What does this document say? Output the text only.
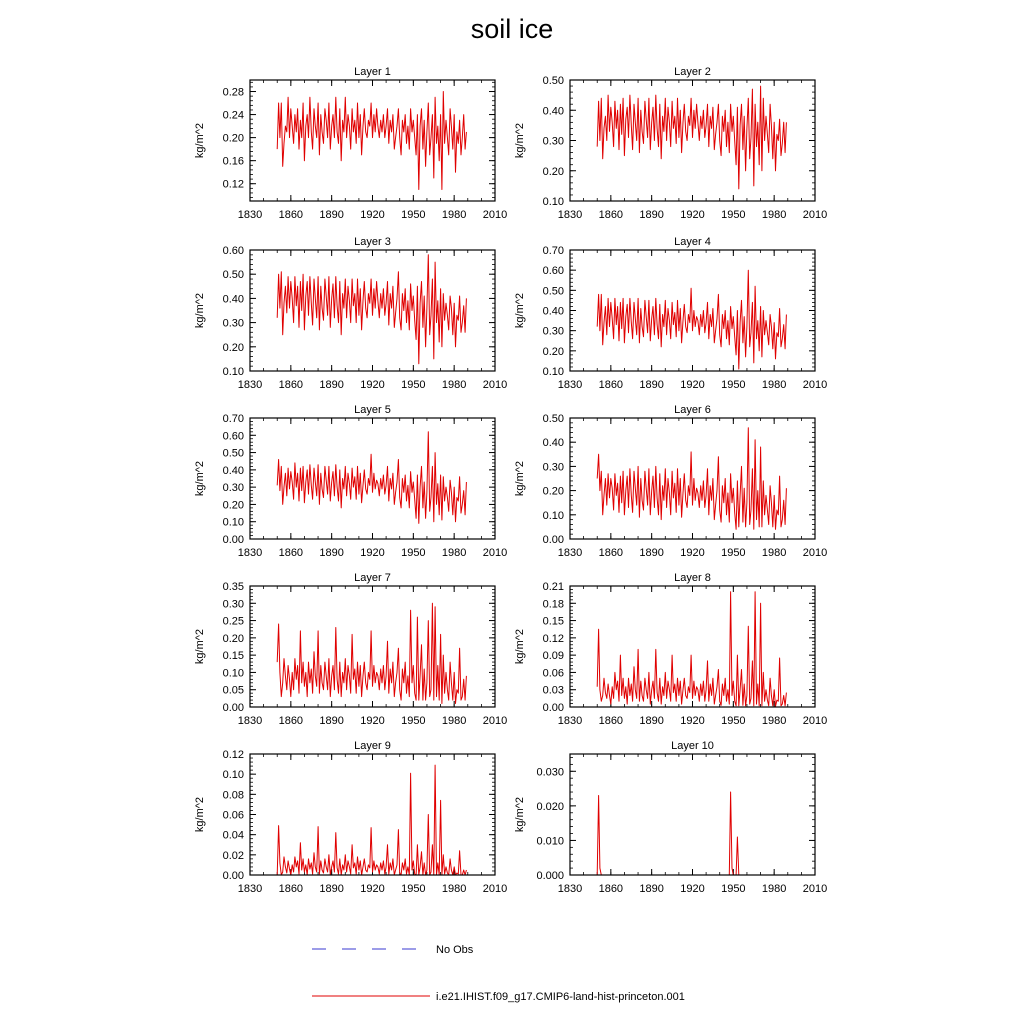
soil ice
Layer 1
kg/m^2
1830 1860 1890 1920 1950 1980 2010
0.12
0.16
0.20
0.24
0.28
Layer 2
kg/m^2
1830 1860 1890 1920 1950 1980 2010
0.10
0.20
0.30
0.40
0.50
Layer 3
kg/m^2
1830 1860 1890 1920 1950 1980 2010
0.10
0.20
0.30
0.40
0.50
0.60
Layer 4
kg/m^2
1830 1860 1890 1920 1950 1980 2010
0.10
0.20
0.30
0.40
0.50
0.60
0.70
Layer 5
kg/m^2
1830 1860 1890 1920 1950 1980 2010
0.00
0.10
0.20
0.30
0.40
0.50
0.60
0.70
Layer 6
kg/m^2
1830 1860 1890 1920 1950 1980 2010
0.00
0.10
0.20
0.30
0.40
0.50
Layer 7
kg/m^2
1830 1860 1890 1920 1950 1980 2010
0.00
0.05
0.10
0.15
0.20
0.25
0.30
0.35
Layer 8
kg/m^2
1830 1860 1890 1920 1950 1980 2010
0.00
0.03
0.06
0.09
0.12
0.15
0.18
0.21
Layer 9
kg/m^2
1830 1860 1890 1920 1950 1980 2010
0.00
0.02
0.04
0.06
0.08
0.10
0.12
Layer 10
kg/m^2
1830 1860 1890 1920 1950 1980 2010
0.000
0.010
0.020
0.030
No Obs
i.e21.IHIST.f09_g17.CMIP6-land-hist-princeton.001
